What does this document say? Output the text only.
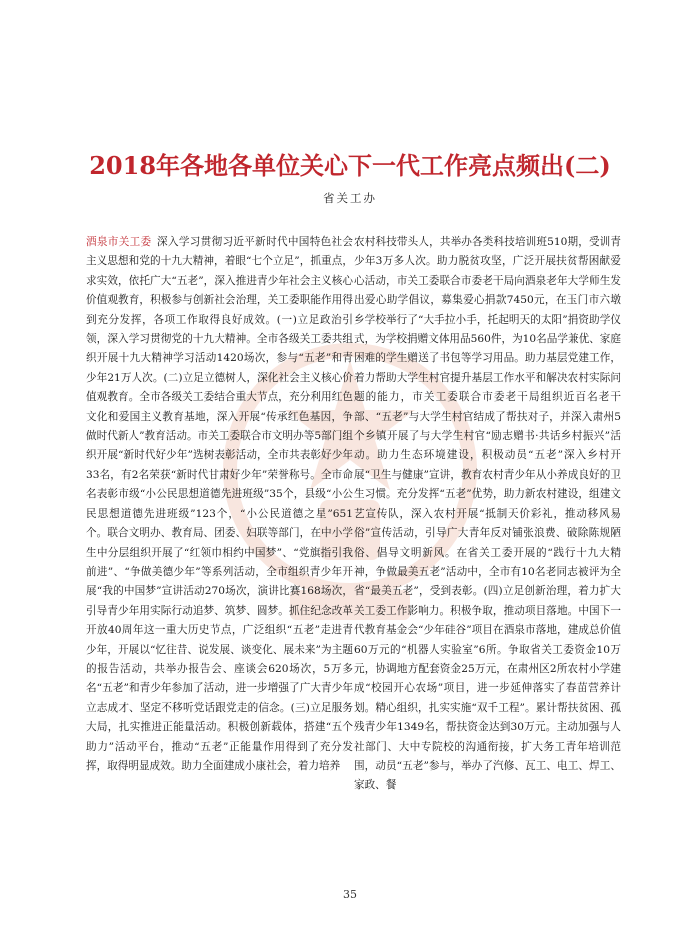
2018年各地各单位关心下一代工作亮点频出(二)
省关工办

酒泉市关工委  深入学习贯彻习近平新时代中国特色社会主义思想和党的十九大精神，着眼“七个立足”，抓重点，求实效，依托广大“五老”，深入推进青少年社会主义核心价值观教育，积极参与创新社会治理，关工委职能作用得到充分发挥，各项工作取得良好成效。(一)立足政治引领，深入学习贯彻党的十九大精神。全市各级关工委共组织开展十九大精神学习活动1420场次，参与“五老”和青少年21万人次。(二)立足立德树人，深化社会主义核心价值观教育。全市各级关工委结合重大节点，充分利用红色文化和爱国主义教育基地，深入开展“传承红色基因，争做时代新人”教育活动。市关工委联合市文明办等5部门组织开展“新时代好少年”选树表彰活动，全市共表彰好少年33名，有2名荣获“新时代甘肃好少年”荣誉称号。全市命名表彰市级“小公民思想道德先进班级”35个，县级“小公民思想道德先进班级”123个，“小公民道德之星”651个。联合文明办、教育局、团委、妇联等部门，在中小学生中分层组织开展了“红领巾相约中国梦”、“党旗指引我前进”、“争做美德少年”等系列活动，全市组织青少年开展“我的中国梦”宣讲活动270场次，演讲比赛168场次，引导青少年用实际行动追梦、筑梦、圆梦。抓住纪念改革开放40周年这一重大历史节点，广泛组织“五老”走进青少年，开展以“忆往昔、说发展、谈变化、展未来”为主题的报告活动，共举办报告会、座谈会620场次，5万多名“五老”和青少年参加了活动，进一步增强了广大青少年立志成才、坚定不移听党话跟党走的信念。(三)立足服务大局，扎实推进正能量活动。积极创新载体，搭建“五个助力”活动平台，推动“五老”正能量作用得到了充分发挥，取得明显成效。助力全面建成小康社会，着力培养

农村科技带头人，共举办各类科技培训班510期，受训青少年3万多人次。助力脱贫攻坚，广泛开展扶贫帮困献爱心活动，市关工委联合市委老干局向酒泉老年大学师生发出爱心助学倡议，募集爱心捐款7450元，在玉门市六墩乡学校举行了“大手拉小手，托起明天的太阳”捐资助学仪式，为学校捐赠文体用品560件，为10名品学兼优、家庭困难的学生赠送了书包等学习用品。助力基层党建工作，着力帮助大学生村官提升基层工作水平和解决农村实际问题的能力，市关工委联合市委老干局组织近百名老干部、“五老”与大学生村官结成了帮扶对子，并深入肃州5个乡镇开展了与大学生村官“励志赠书·共话乡村振兴”活动。助力生态环境建设，积极动员“五老”深入乡村开展“卫生与健康”宣讲，教育农村青少年从小养成良好的卫生习惯。充分发挥“五老”优势，助力新农村建设，组建文艺宣传队，深入农村开展“抵制天价彩礼，推动移风易俗”宣传活动，引导广大青年反对铺张浪费、破除陈规陋俗、倡导文明新风。在省关工委开展的“践行十九大精神，争做最美五老”活动中，全市有10名老同志被评为全省“最美五老”，受到表彰。(四)立足创新治理，着力扩大关工委工作影响力。积极争取，推动项目落地。中国下一代教育基金会“少年硅谷”项目在酒泉市落地，建成总价值60万元的“机器人实验室”6所。争取省关工委资金10万元，协调地方配套资金25万元，在肃州区2所农村小学建成“校园开心农场”项目，进一步延伸落实了春苗营养计划。精心组织，扎实实施“双千工程”。累计帮扶贫困、孤残青少年1349名，帮扶资金达到30万元。主动加强与人社部门、大中专院校的沟通衔接，扩大务工青年培训范围，动员“五老”参与，举办了汽修、瓦工、电工、焊工、家政、餐

35
